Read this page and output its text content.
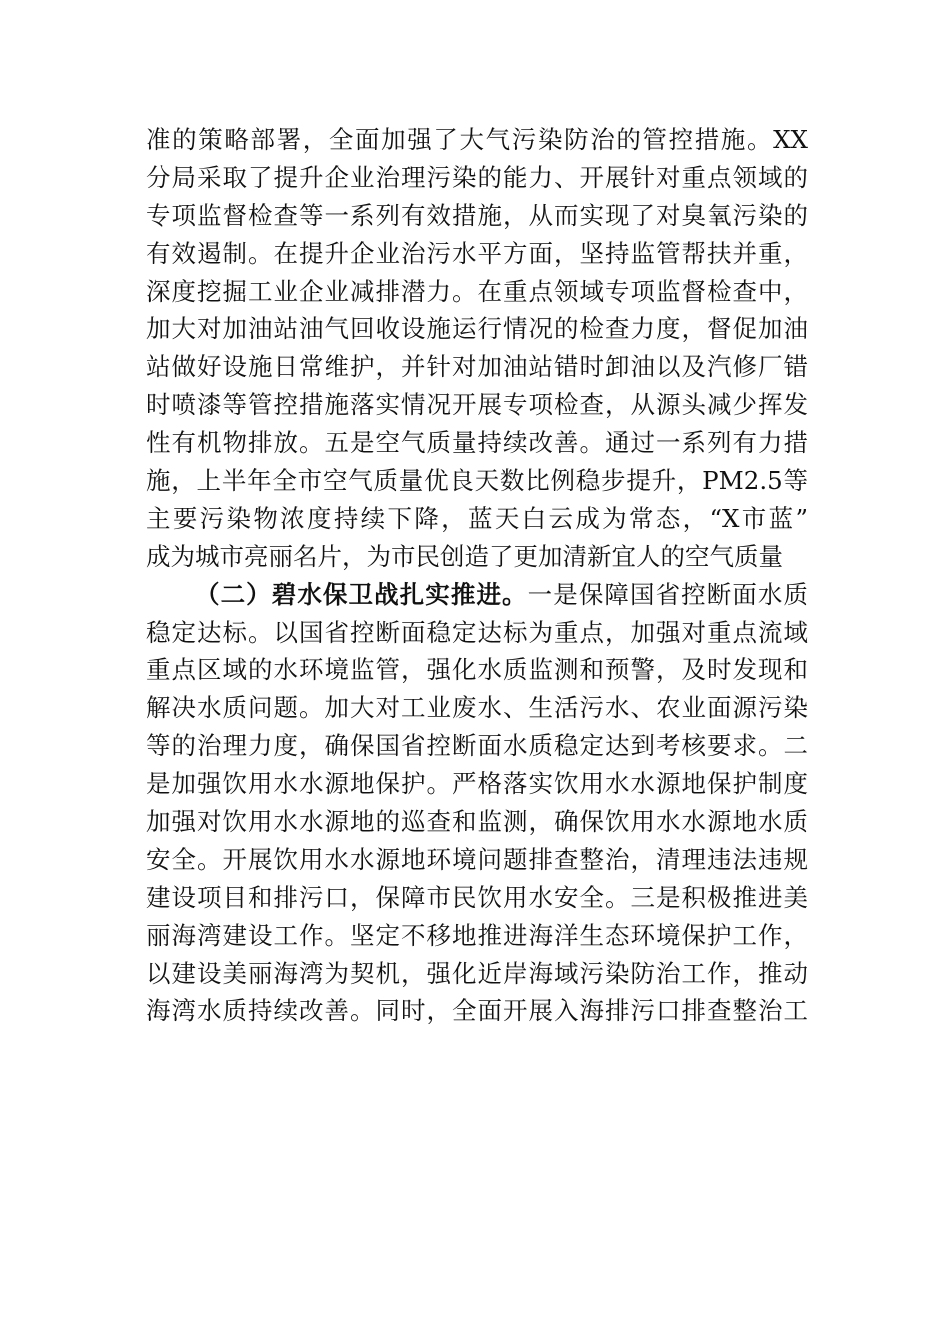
准的策略部署，全面加强了大气污染防治的管控措施。XX
分局采取了提升企业治理污染的能力、开展针对重点领域的
专项监督检查等一系列有效措施，从而实现了对臭氧污染的
有效遏制。在提升企业治污水平方面，坚持监管帮扶并重，
深度挖掘工业企业减排潜力。在重点领域专项监督检查中，
加大对加油站油气回收设施运行情况的检查力度，督促加油
站做好设施日常维护，并针对加油站错时卸油以及汽修厂错
时喷漆等管控措施落实情况开展专项检查，从源头减少挥发
性有机物排放。五是空气质量持续改善。通过一系列有力措
施，上半年全市空气质量优良天数比例稳步提升，PM2.5等
主要污染物浓度持续下降，蓝天白云成为常态，“X市蓝”
成为城市亮丽名片，为市民创造了更加清新宜人的空气质量
（二）碧水保卫战扎实推进。一是保障国省控断面水质
稳定达标。以国省控断面稳定达标为重点，加强对重点流域
重点区域的水环境监管，强化水质监测和预警，及时发现和
解决水质问题。加大对工业废水、生活污水、农业面源污染
等的治理力度，确保国省控断面水质稳定达到考核要求。二
是加强饮用水水源地保护。严格落实饮用水水源地保护制度
加强对饮用水水源地的巡查和监测，确保饮用水水源地水质
安全。开展饮用水水源地环境问题排查整治，清理违法违规
建设项目和排污口，保障市民饮用水安全。三是积极推进美
丽海湾建设工作。坚定不移地推进海洋生态环境保护工作，
以建设美丽海湾为契机，强化近岸海域污染防治工作，推动
海湾水质持续改善。同时，全面开展入海排污口排查整治工
